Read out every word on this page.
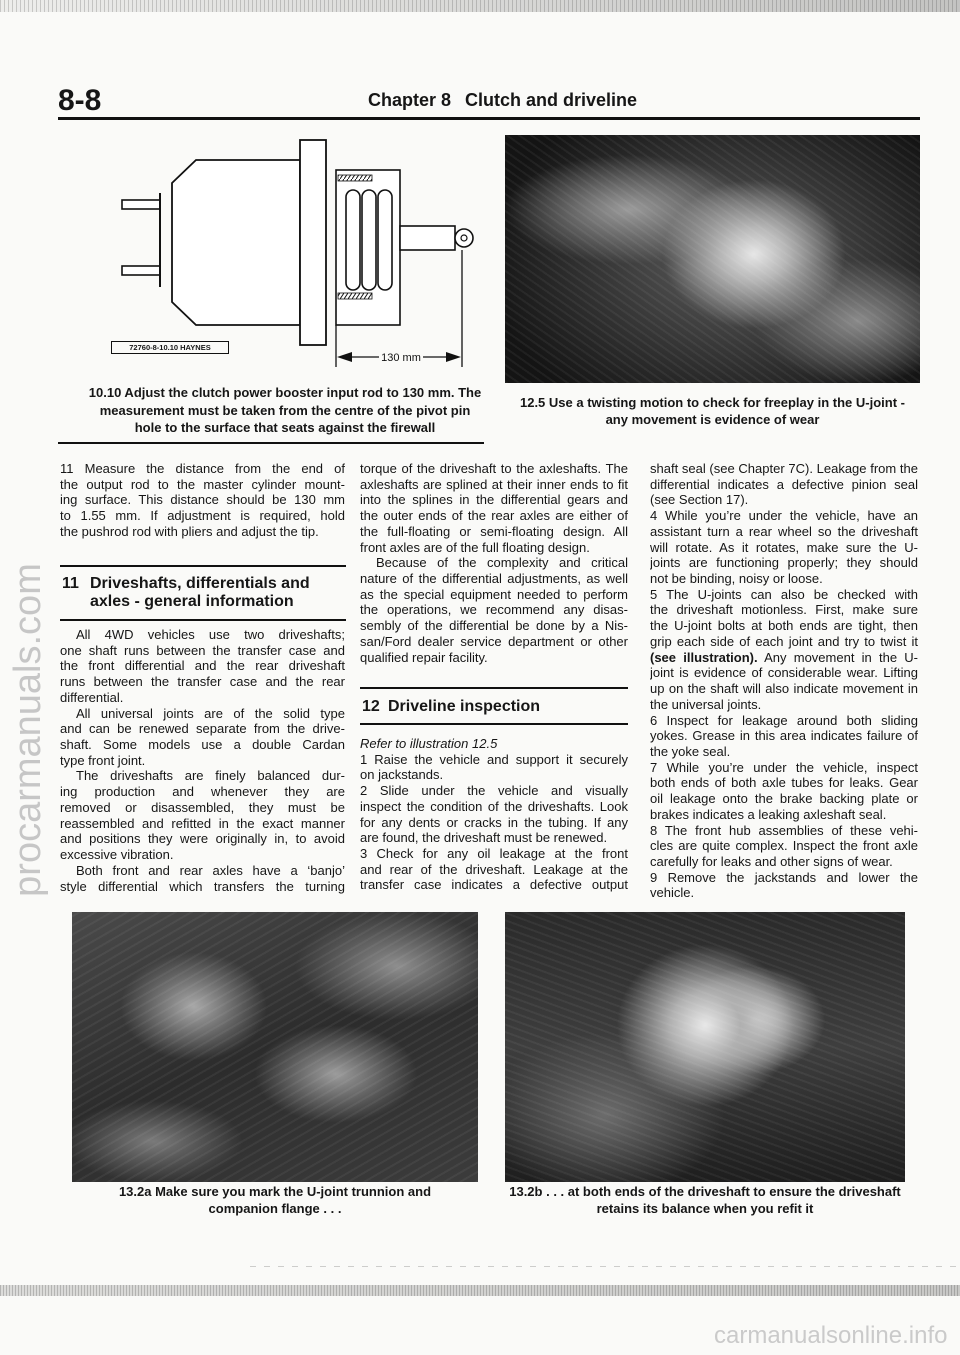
8-8	Chapter 8 Clutch and driveline
130 mm
72760-8-10.10 HAYNES
10.10 Adjust the clutch power booster input rod to 130 mm. The
measurement must be taken from the centre of the pivot pin
hole to the surface that seats against the firewall
12.5 Use a twisting motion to check for freeplay in the U-joint -
any movement is evidence of wear
11 Measure the distance from the end of
the output rod to the master cylinder mount-
ing surface. This distance should be 130 mm
to 1.55 mm. If adjustment is required, hold
the pushrod rod with pliers and adjust the tip.
11 Driveshafts, differentials and
axles - general information
All 4WD vehicles use two driveshafts;
one shaft runs between the transfer case and
the front differential and the rear driveshaft
runs between the transfer case and the rear
differential.
All universal joints are of the solid type
and can be renewed separate from the drive-
shaft. Some models use a double Cardan
type front joint.
The driveshafts are finely balanced dur-
ing production and whenever they are
removed or disassembled, they must be
reassembled and refitted in the exact manner
and positions they were originally in, to avoid
excessive vibration.
Both front and rear axles have a ‘banjo’
style differential which transfers the turning
torque of the driveshaft to the axleshafts. The
axleshafts are splined at their inner ends to fit
into the splines in the differential gears and
the outer ends of the rear axles are either of
the full-floating or semi-floating design. All
front axles are of the full floating design.
Because of the complexity and critical
nature of the differential adjustments, as well
as the special equipment needed to perform
the operations, we recommend any disas-
sembly of the differential be done by a Nis-
san/Ford dealer service department or other
qualified repair facility.
12 Driveline inspection
Refer to illustration 12.5
1 Raise the vehicle and support it securely
on jackstands.
2 Slide under the vehicle and visually
inspect the condition of the driveshafts. Look
for any dents or cracks in the tubing. If any
are found, the driveshaft must be renewed.
3 Check for any oil leakage at the front
and rear of the driveshaft. Leakage at the
transfer case indicates a defective output
shaft seal (see Chapter 7C). Leakage from the
differential indicates a defective pinion seal
(see Section 17).
4 While you’re under the vehicle, have an
assistant turn a rear wheel so the driveshaft
will rotate. As it rotates, make sure the U-
joints are functioning properly; they should
not be binding, noisy or loose.
5 The U-joints can also be checked with
the driveshaft motionless. First, make sure
the U-joint bolts at both ends are tight, then
grip each side of each joint and try to twist it
(see illustration). Any movement in the U-
joint is evidence of considerable wear. Lifting
up on the shaft will also indicate movement in
the universal joints.
6 Inspect for leakage around both sliding
yokes. Grease in this area indicates failure of
the yoke seal.
7 While you’re under the vehicle, inspect
both ends of both axle tubes for leaks. Gear
oil leakage onto the brake backing plate or
brakes indicates a leaking axleshaft seal.
8 The front hub assemblies of these vehi-
cles are quite complex. Inspect the front axle
carefully for leaks and other signs of wear.
9 Remove the jackstands and lower the
vehicle.
13.2a Make sure you mark the U-joint trunnion and
companion flange . . .
13.2b . . . at both ends of the driveshaft to ensure the driveshaft
retains its balance when you refit it
procarmanuals.com
carmanualsonline.info
